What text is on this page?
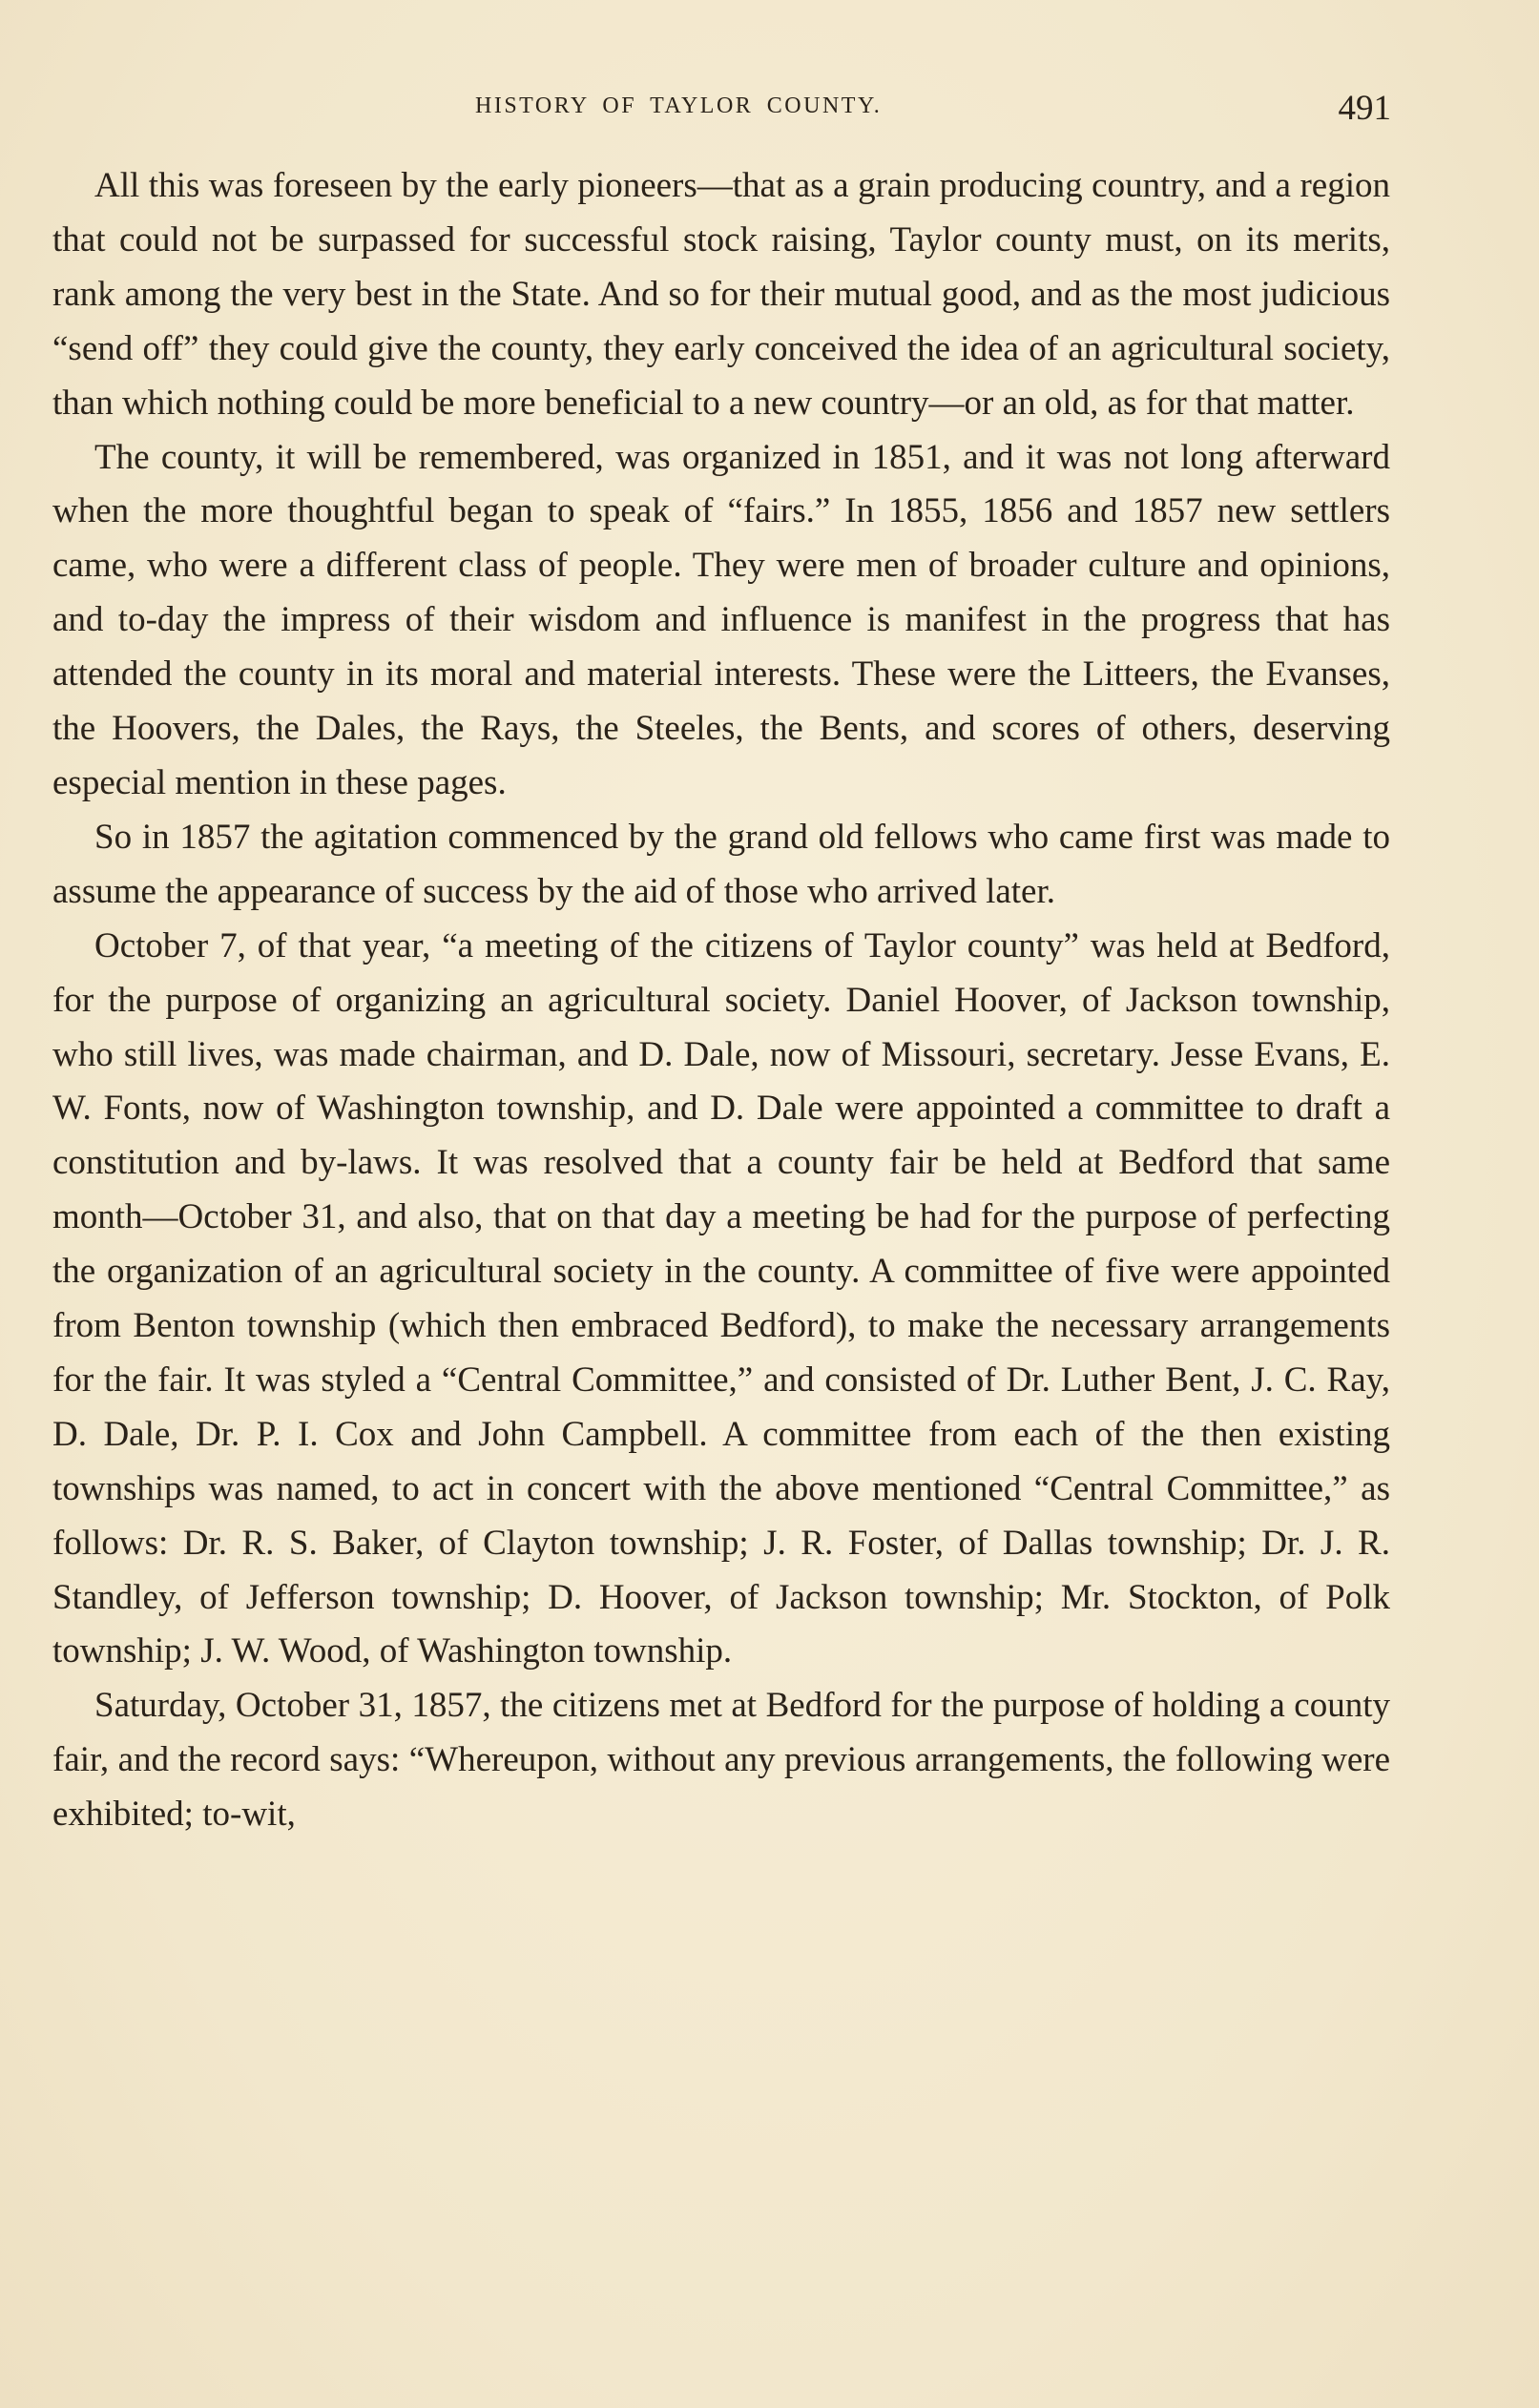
HISTORY OF TAYLOR COUNTY.	491

All this was foreseen by the early pioneers—that as a grain producing country, and a region that could not be surpassed for successful stock raising, Taylor county must, on its merits, rank among the very best in the State. And so for their mutual good, and as the most judicious “send off” they could give the county, they early conceived the idea of an agricultural society, than which nothing could be more beneficial to a new country—or an old, as for that matter.

The county, it will be remembered, was organized in 1851, and it was not long afterward when the more thoughtful began to speak of “fairs.” In 1855, 1856 and 1857 new settlers came, who were a different class of people. They were men of broader culture and opinions, and to-day the impress of their wisdom and influence is manifest in the progress that has attended the county in its moral and material interests. These were the Litteers, the Evanses, the Hoovers, the Dales, the Rays, the Steeles, the Bents, and scores of others, deserving especial mention in these pages.

So in 1857 the agitation commenced by the grand old fellows who came first was made to assume the appearance of success by the aid of those who arrived later.

October 7, of that year, “a meeting of the citizens of Taylor county” was held at Bedford, for the purpose of organizing an agricultural society. Daniel Hoover, of Jackson township, who still lives, was made chairman, and D. Dale, now of Missouri, secretary. Jesse Evans, E. W. Fonts, now of Washington township, and D. Dale were appointed a committee to draft a constitution and by-laws. It was resolved that a county fair be held at Bedford that same month—October 31, and also, that on that day a meeting be had for the purpose of perfecting the organization of an agricultural society in the county. A committee of five were appointed from Benton township (which then embraced Bedford), to make the necessary arrangements for the fair. It was styled a “Central Committee,” and consisted of Dr. Luther Bent, J. C. Ray, D. Dale, Dr. P. I. Cox and John Campbell. A committee from each of the then existing townships was named, to act in concert with the above mentioned “Central Committee,” as follows: Dr. R. S. Baker, of Clayton township; J. R. Foster, of Dallas township; Dr. J. R. Standley, of Jefferson township; D. Hoover, of Jackson township; Mr. Stockton, of Polk township; J. W. Wood, of Washington township.

Saturday, October 31, 1857, the citizens met at Bedford for the purpose of holding a county fair, and the record says: “Whereupon, without any previous arrangements, the following were exhibited; to-wit,
